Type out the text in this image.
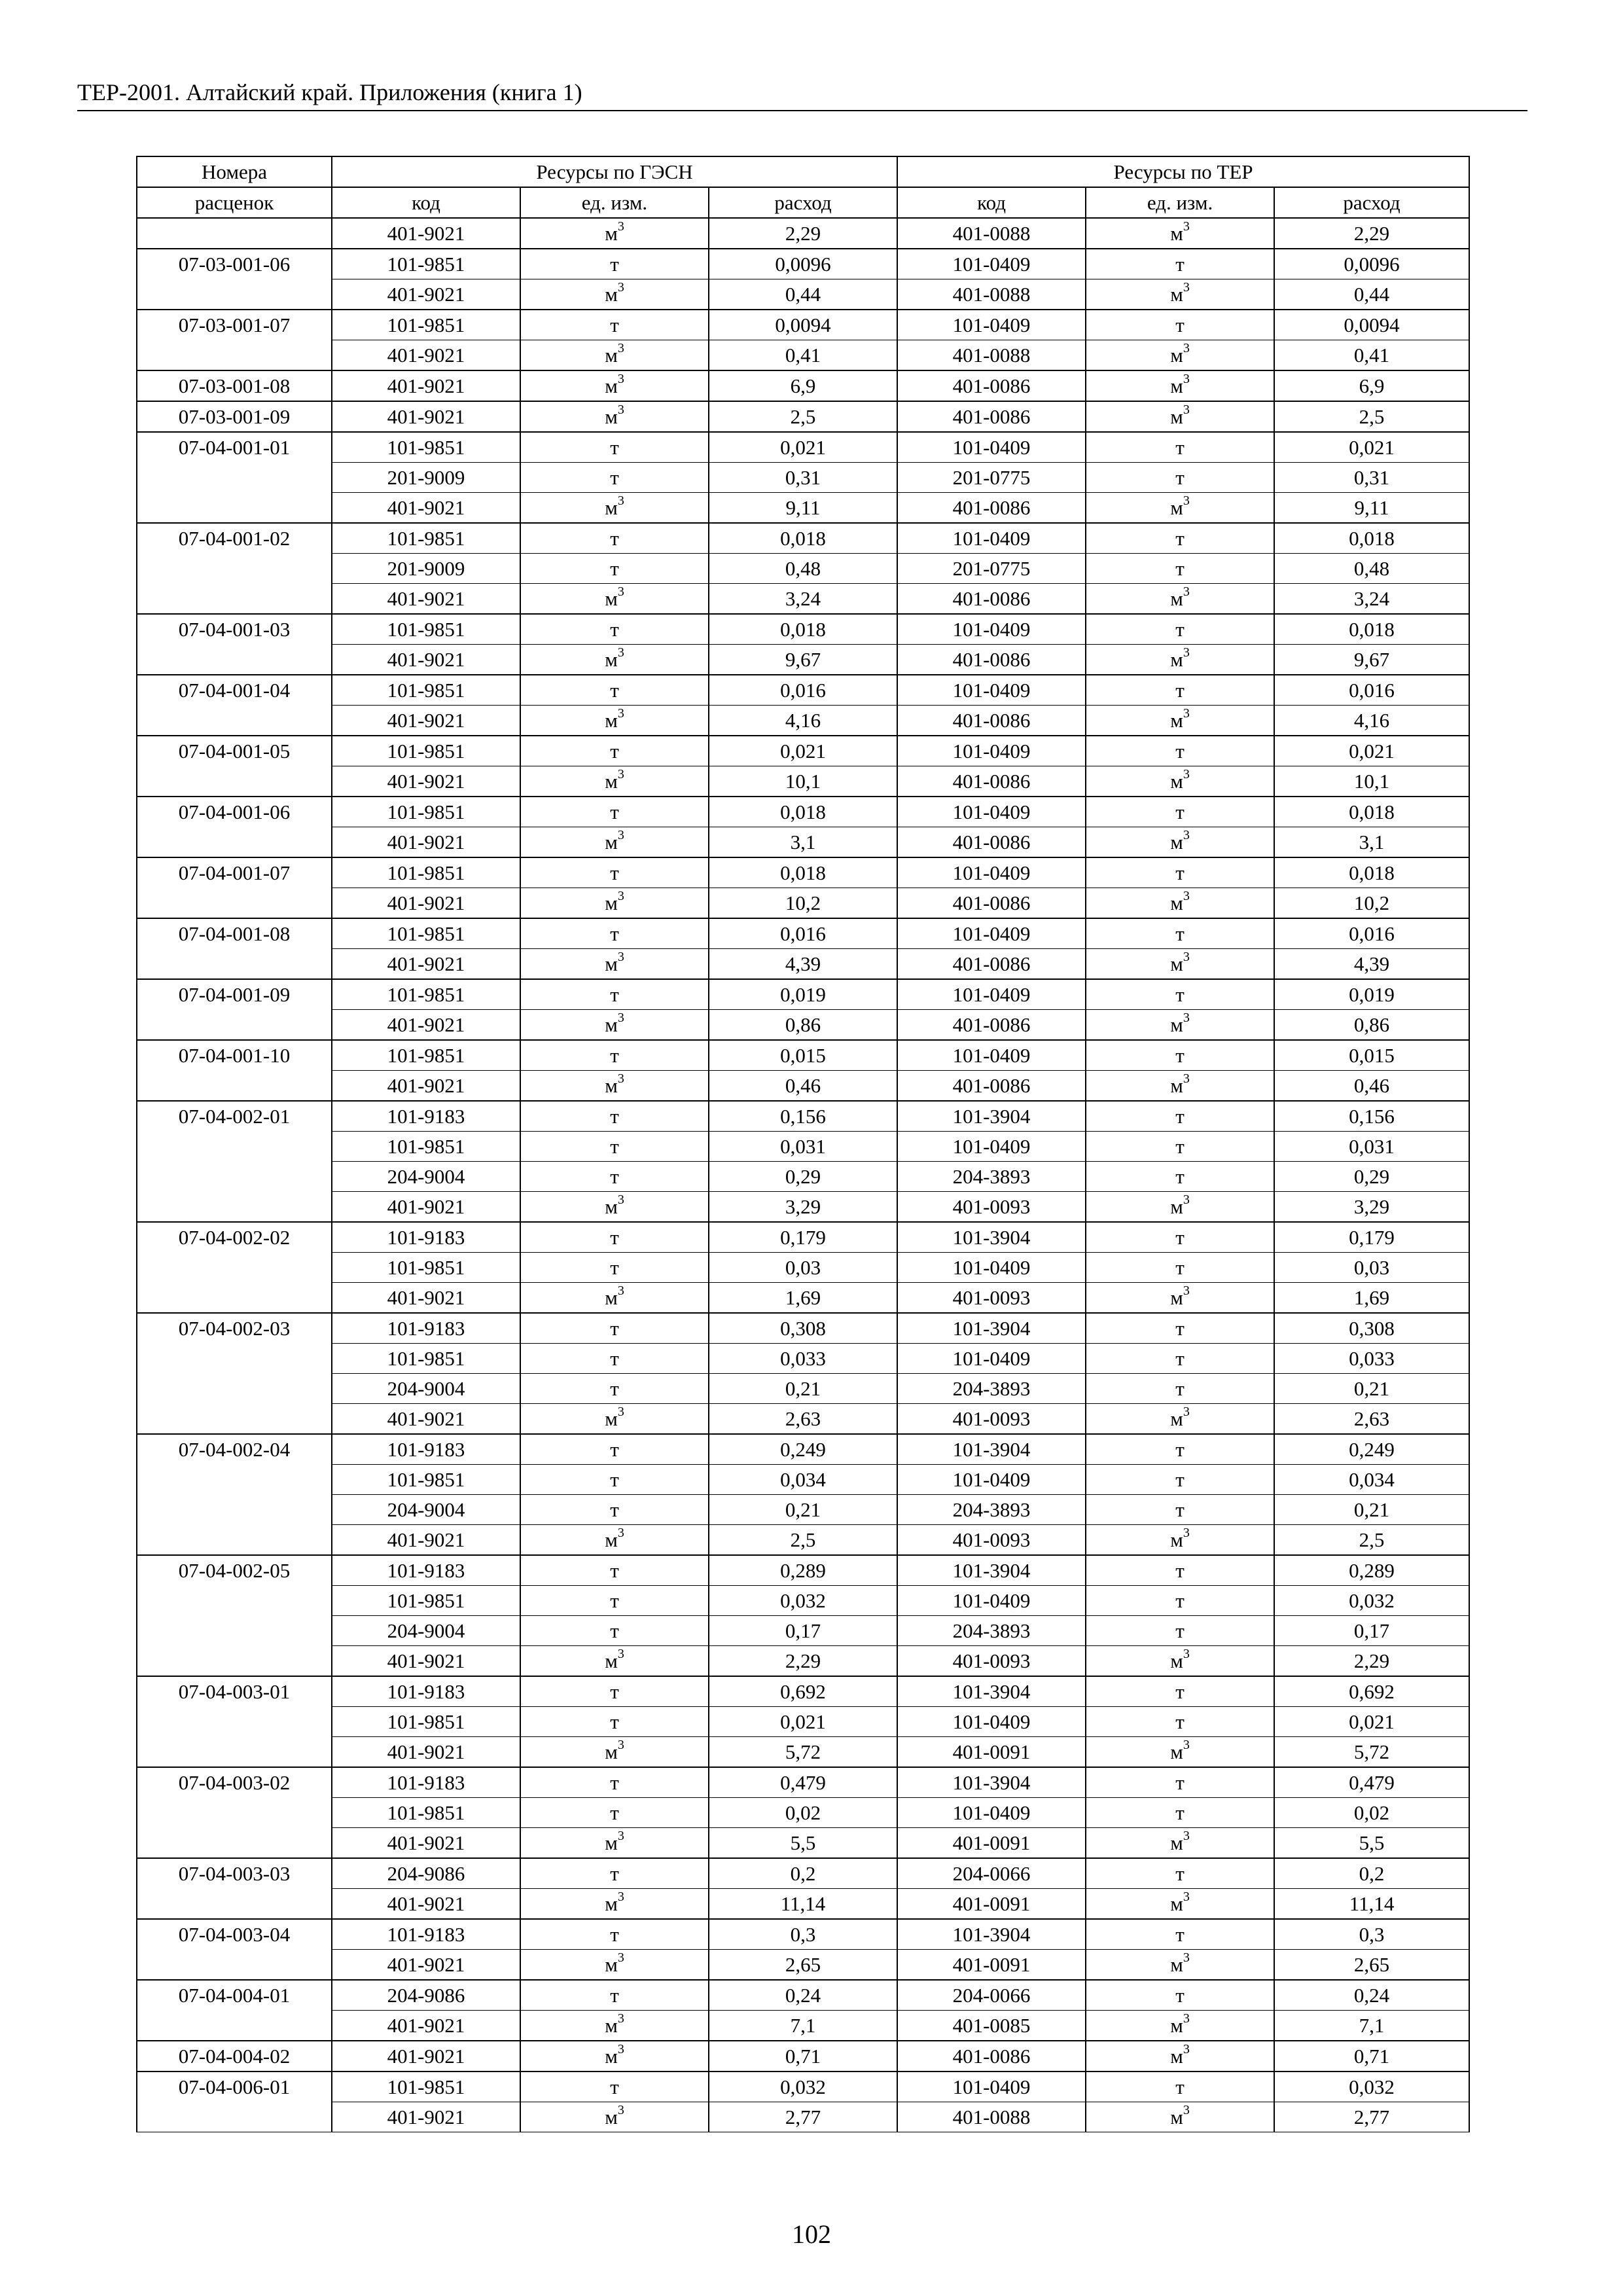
ТЕР-2001. Алтайский край. Приложения (книга 1)
Номера	Ресурсы по ГЭСН			Ресурсы по ТЕР		
расценок	код	ед. изм.	расход	код	ед. изм.	расход
	401-9021	$м^3$	2,29	401-0088	$м^3$	2,29
07-03-001-06	101-9851	т	0,0096	101-0409	т	0,0096
	401-9021	$м^3$	0,44	401-0088	$м^3$	0,44
07-03-001-07	101-9851	т	0,0094	101-0409	т	0,0094
	401-9021	$м^3$	0,41	401-0088	$м^3$	0,41
07-03-001-08	401-9021	$м^3$	6,9	401-0086	$м^3$	6,9
07-03-001-09	401-9021	$м^3$	2,5	401-0086	$м^3$	2,5
07-04-001-01	101-9851	т	0,021	101-0409	т	0,021
	201-9009	т	0,31	201-0775	т	0,31
	401-9021	$м^3$	9,11	401-0086	$м^3$	9,11
07-04-001-02	101-9851	т	0,018	101-0409	т	0,018
	201-9009	т	0,48	201-0775	т	0,48
	401-9021	$м^3$	3,24	401-0086	$м^3$	3,24
07-04-001-03	101-9851	т	0,018	101-0409	т	0,018
	401-9021	$м^3$	9,67	401-0086	$м^3$	9,67
07-04-001-04	101-9851	т	0,016	101-0409	т	0,016
	401-9021	$м^3$	4,16	401-0086	$м^3$	4,16
07-04-001-05	101-9851	т	0,021	101-0409	т	0,021
	401-9021	$м^3$	10,1	401-0086	$м^3$	10,1
07-04-001-06	101-9851	т	0,018	101-0409	т	0,018
	401-9021	$м^3$	3,1	401-0086	$м^3$	3,1
07-04-001-07	101-9851	т	0,018	101-0409	т	0,018
	401-9021	$м^3$	10,2	401-0086	$м^3$	10,2
07-04-001-08	101-9851	т	0,016	101-0409	т	0,016
	401-9021	$м^3$	4,39	401-0086	$м^3$	4,39
07-04-001-09	101-9851	т	0,019	101-0409	т	0,019
	401-9021	$м^3$	0,86	401-0086	$м^3$	0,86
07-04-001-10	101-9851	т	0,015	101-0409	т	0,015
	401-9021	$м^3$	0,46	401-0086	$м^3$	0,46
07-04-002-01	101-9183	т	0,156	101-3904	т	0,156
	101-9851	т	0,031	101-0409	т	0,031
	204-9004	т	0,29	204-3893	т	0,29
	401-9021	$м^3$	3,29	401-0093	$м^3$	3,29
07-04-002-02	101-9183	т	0,179	101-3904	т	0,179
	101-9851	т	0,03	101-0409	т	0,03
	401-9021	$м^3$	1,69	401-0093	$м^3$	1,69
07-04-002-03	101-9183	т	0,308	101-3904	т	0,308
	101-9851	т	0,033	101-0409	т	0,033
	204-9004	т	0,21	204-3893	т	0,21
	401-9021	$м^3$	2,63	401-0093	$м^3$	2,63
07-04-002-04	101-9183	т	0,249	101-3904	т	0,249
	101-9851	т	0,034	101-0409	т	0,034
	204-9004	т	0,21	204-3893	т	0,21
	401-9021	$м^3$	2,5	401-0093	$м^3$	2,5
07-04-002-05	101-9183	т	0,289	101-3904	т	0,289
	101-9851	т	0,032	101-0409	т	0,032
	204-9004	т	0,17	204-3893	т	0,17
	401-9021	$м^3$	2,29	401-0093	$м^3$	2,29
07-04-003-01	101-9183	т	0,692	101-3904	т	0,692
	101-9851	т	0,021	101-0409	т	0,021
	401-9021	$м^3$	5,72	401-0091	$м^3$	5,72
07-04-003-02	101-9183	т	0,479	101-3904	т	0,479
	101-9851	т	0,02	101-0409	т	0,02
	401-9021	$м^3$	5,5	401-0091	$м^3$	5,5
07-04-003-03	204-9086	т	0,2	204-0066	т	0,2
	401-9021	$м^3$	11,14	401-0091	$м^3$	11,14
07-04-003-04	101-9183	т	0,3	101-3904	т	0,3
	401-9021	$м^3$	2,65	401-0091	$м^3$	2,65
07-04-004-01	204-9086	т	0,24	204-0066	т	0,24
	401-9021	$м^3$	7,1	401-0085	$м^3$	7,1
07-04-004-02	401-9021	$м^3$	0,71	401-0086	$м^3$	0,71
07-04-006-01	101-9851	т	0,032	101-0409	т	0,032
	401-9021	$м^3$	2,77	401-0088	$м^3$	2,77
102
